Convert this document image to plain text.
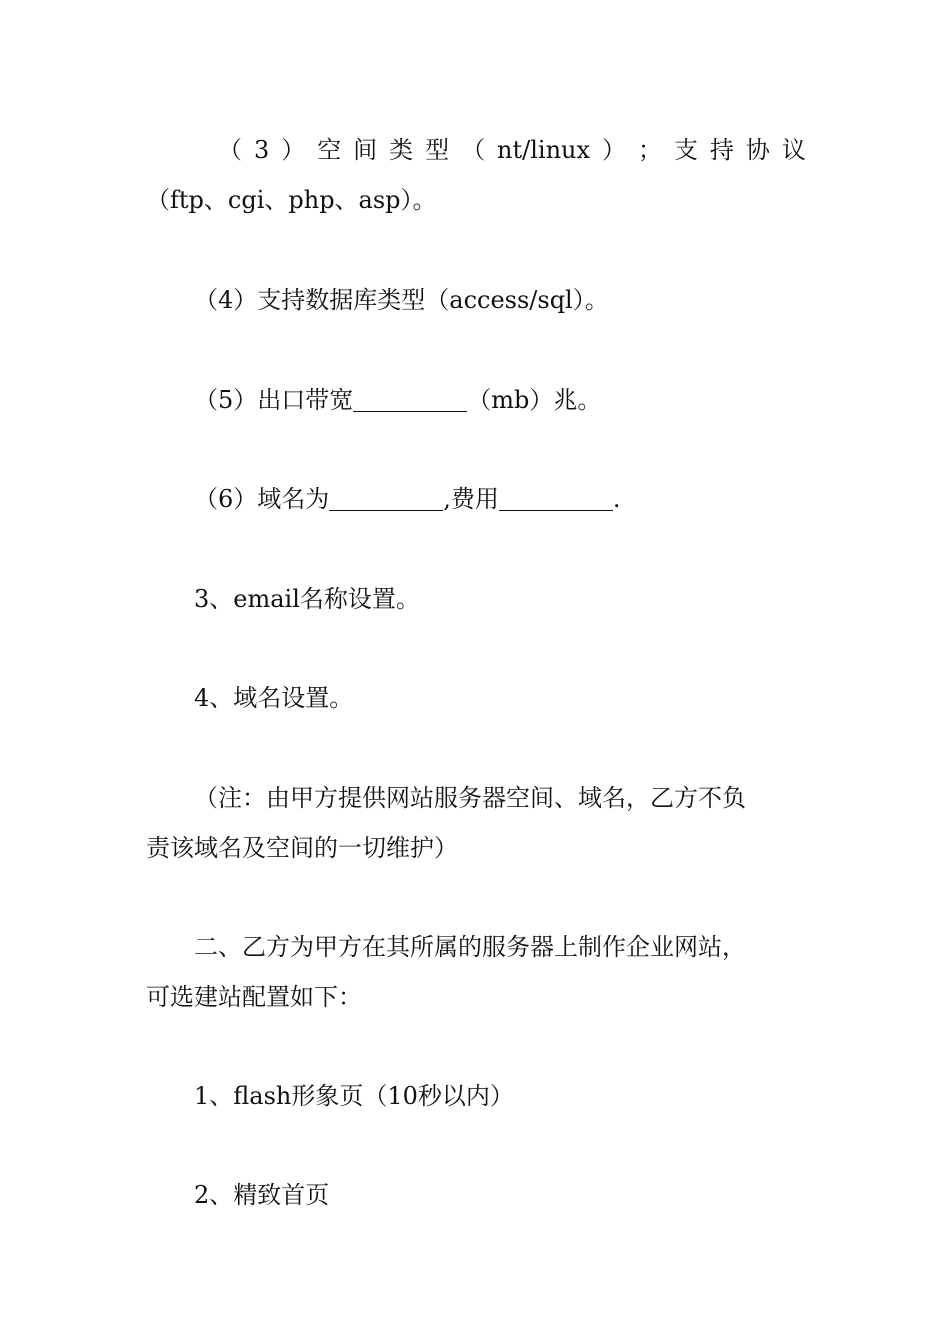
（ 3 ） 空 间 类 型 （ nt/linux ） ； 支 持 协 议
（ftp、cgi、php、asp）。

（4）支持数据库类型（access/sql）。

（5）出口带宽	（mb）兆。

（6）域名为	,费用	.

3、email名称设置。

4、域名设置。

（注：由甲方提供网站服务器空间、域名，乙方不负
责该域名及空间的一切维护）
二、乙方为甲方在其所属的服务器上制作企业网站，
可选建站配置如下：

1、flash形象页（10秒以内）

2、精致首页
